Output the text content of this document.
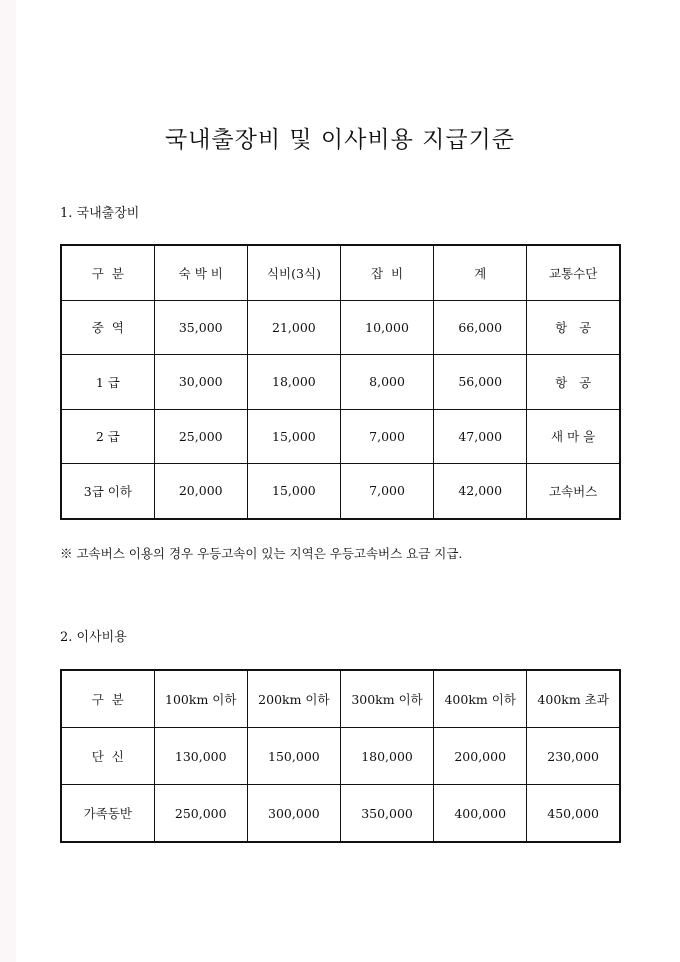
국내출장비 및 이사비용 지급기준
1. 국내출장비
구  분	숙 박 비	식비(3식)	잡  비	계	교통수단
중  역	35,000	21,000	10,000	66,000	항   공
1 급	30,000	18,000	8,000	56,000	항   공
2 급	25,000	15,000	7,000	47,000	새 마 을
3급 이하	20,000	15,000	7,000	42,000	고속버스
※ 고속버스 이용의 경우 우등고속이 있는 지역은 우등고속버스 요금 지급.
2. 이사비용
구  분	100km 이하	200km 이하	300km 이하	400km 이하	400km 초과
단  신	130,000	150,000	180,000	200,000	230,000
가족동반	250,000	300,000	350,000	400,000	450,000
